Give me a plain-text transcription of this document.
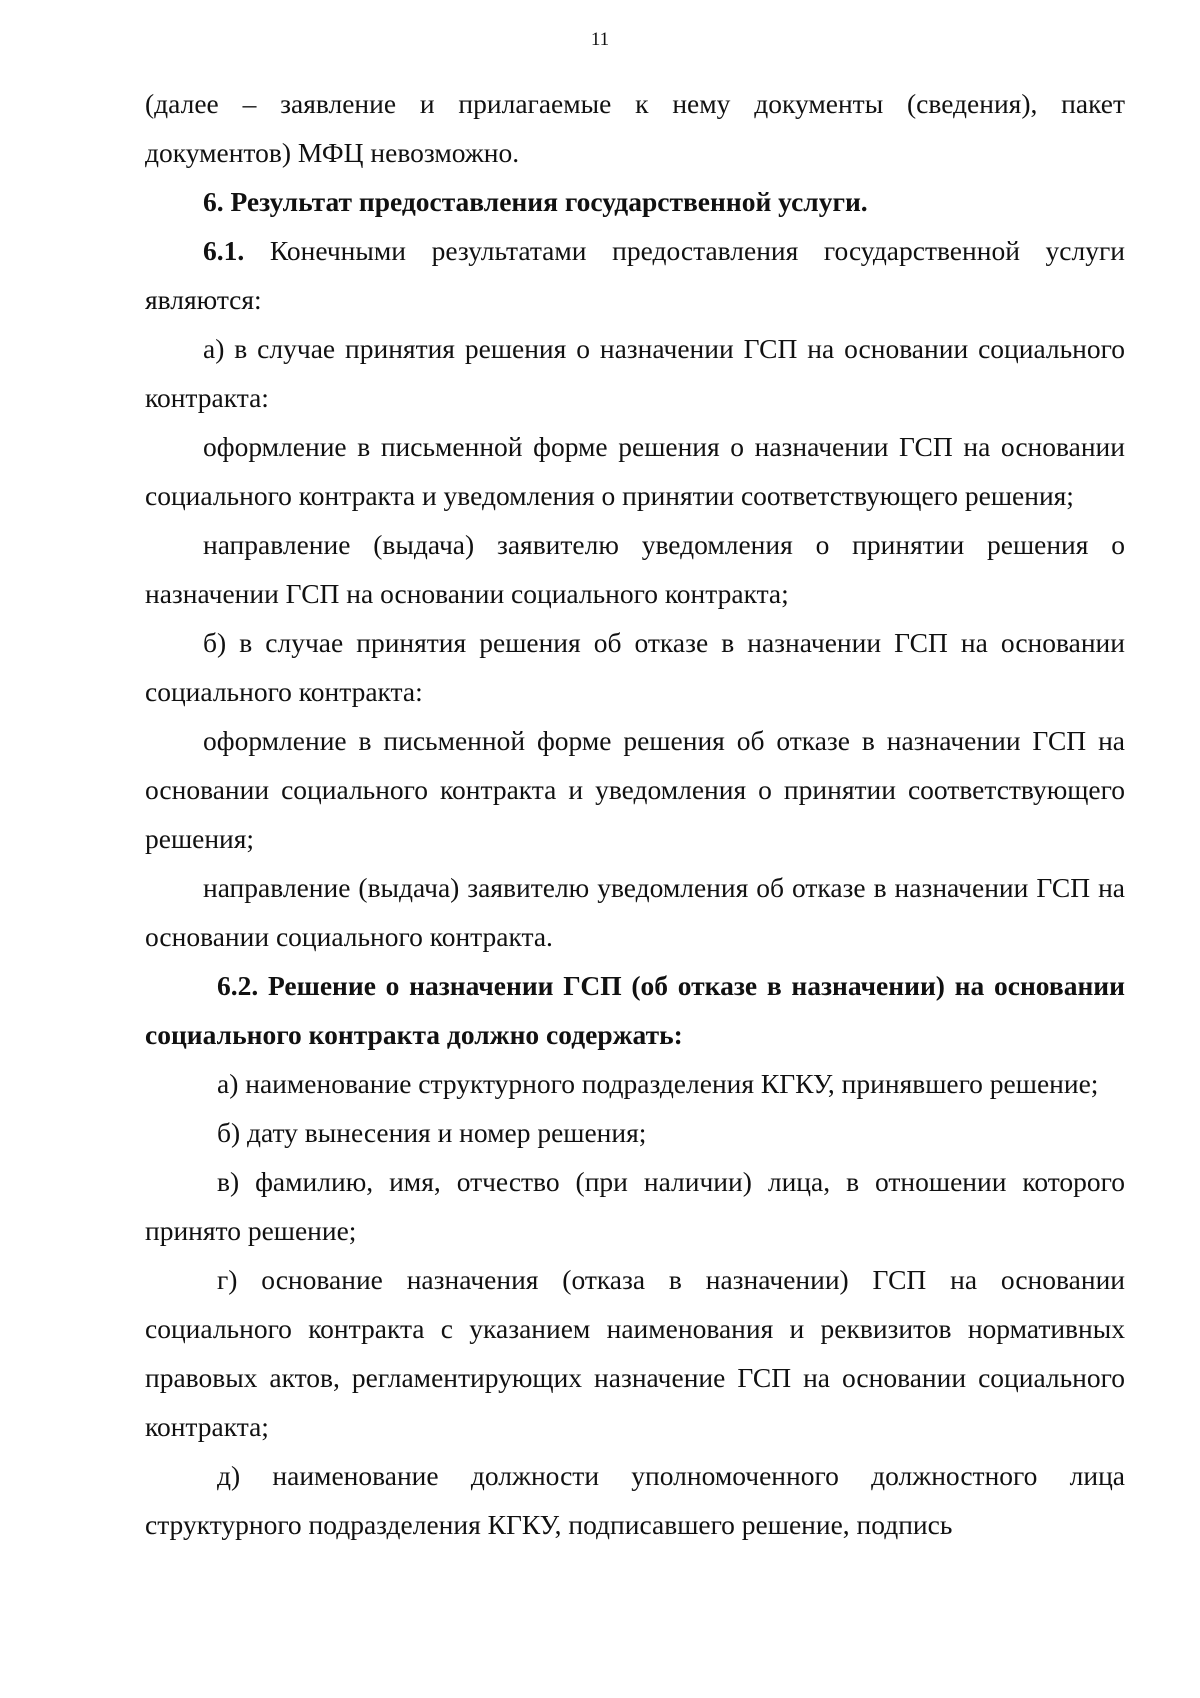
11

(далее – заявление и прилагаемые к нему документы (сведения), пакет документов) МФЦ невозможно.

6. Результат предоставления государственной услуги.

6.1. Конечными результатами предоставления государственной услуги являются:

а) в случае принятия решения о назначении ГСП на основании социального контракта:

оформление в письменной форме решения о назначении ГСП на основании социального контракта и уведомления о принятии соответствующего решения;

направление (выдача) заявителю уведомления о принятии решения о назначении ГСП на основании социального контракта;

б) в случае принятия решения об отказе в назначении ГСП на основании социального контракта:

оформление в письменной форме решения об отказе в назначении ГСП на основании социального контракта и уведомления о принятии соответствующего решения;

направление (выдача) заявителю уведомления об отказе в назначении ГСП на основании социального контракта.

6.2. Решение о назначении ГСП (об отказе в назначении) на основании социального контракта должно содержать:

а) наименование структурного подразделения КГКУ, принявшего решение;

б) дату вынесения и номер решения;

в) фамилию, имя, отчество (при наличии) лица, в отношении которого принято решение;

г) основание назначения (отказа в назначении) ГСП на основании социального контракта с указанием наименования и реквизитов нормативных правовых актов, регламентирующих назначение ГСП на основании социального контракта;

д) наименование должности уполномоченного должностного лица структурного подразделения КГКУ, подписавшего решение, подпись
